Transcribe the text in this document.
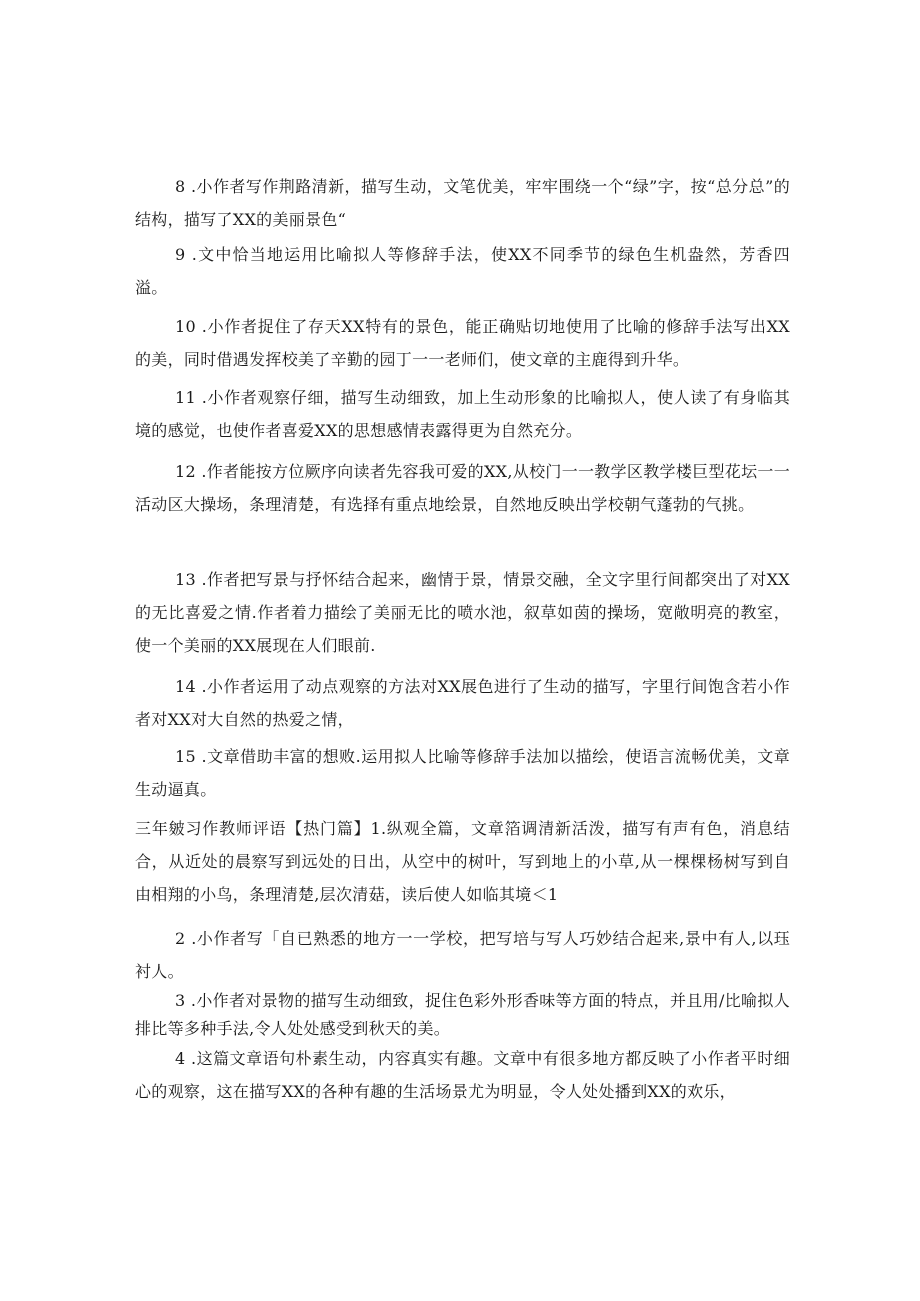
8 .小作者写作荆路清新，描写生动，文笔优美，牢牢围绕一个“绿”字，按“总分总”的结构，描写了XX的美丽景色“

9 .文中恰当地运用比喻拟人等修辞手法，使XX不同季节的绿色生机盎然，芳香四溢。

10 .小作者捉住了存天XX特有的景色，能正确贴切地使用了比喻的修辞手法写出XX的美，同时借遇发挥校美了辛勤的园丁一一老师们，使文章的主鹿得到升华。

11 .小作者观察仔细，描写生动细致，加上生动形象的比喻拟人，使人读了有身临其境的感觉，也使作者喜爱XX的思想感情表露得更为自然充分。

12 .作者能按方位厥序向读者先容我可爱的XX,从校门一一教学区教学楼巨型花坛一一活动区大操场，条理清楚，有选择有重点地绘景，自然地反映出学校朝气蓬勃的气挑。

13 .作者把写景与抒怀结合起来，幽情于景，情景交融，全文字里行间都突出了对XX的无比喜爱之情.作者着力描绘了美丽无比的喷水池，叙草如茵的操场，宽敞明亮的教室，使一个美丽的XX展现在人们眼前.

14 .小作者运用了动点观察的方法对XX展色进行了生动的描写，字里行间饱含若小作者对XX对大自然的热爱之情，

15 .文章借助丰富的想败.运用拟人比喻等修辞手法加以描绘，使语言流畅优美，文章生动逼真。

三年皴习作教师评语【热门篇】1.纵观全篇，文章箔调清新活泼，描写有声有色，消息结合，从近处的晨察写到远处的日出，从空中的树叶，写到地上的小草,从一棵棵杨树写到自由相翔的小鸟，条理清楚,层次清菇，读后使人如临其境＜1

2 .小作者写「自已熟悉的地方一一学校，把写培与写人巧妙结合起来,景中有人,以珏衬人。

3 .小作者对景物的描写生动细致，捉住色彩外形香味等方面的特点，并且用/比喻拟人排比等多种手法,令人处处感受到秋天的美。

4 .这篇文章语句朴素生动，内容真实有趣。文章中有很多地方都反映了小作者平时细心的观察，这在描写XX的各种有趣的生活场景尤为明显，令人处处播到XX的欢乐，
